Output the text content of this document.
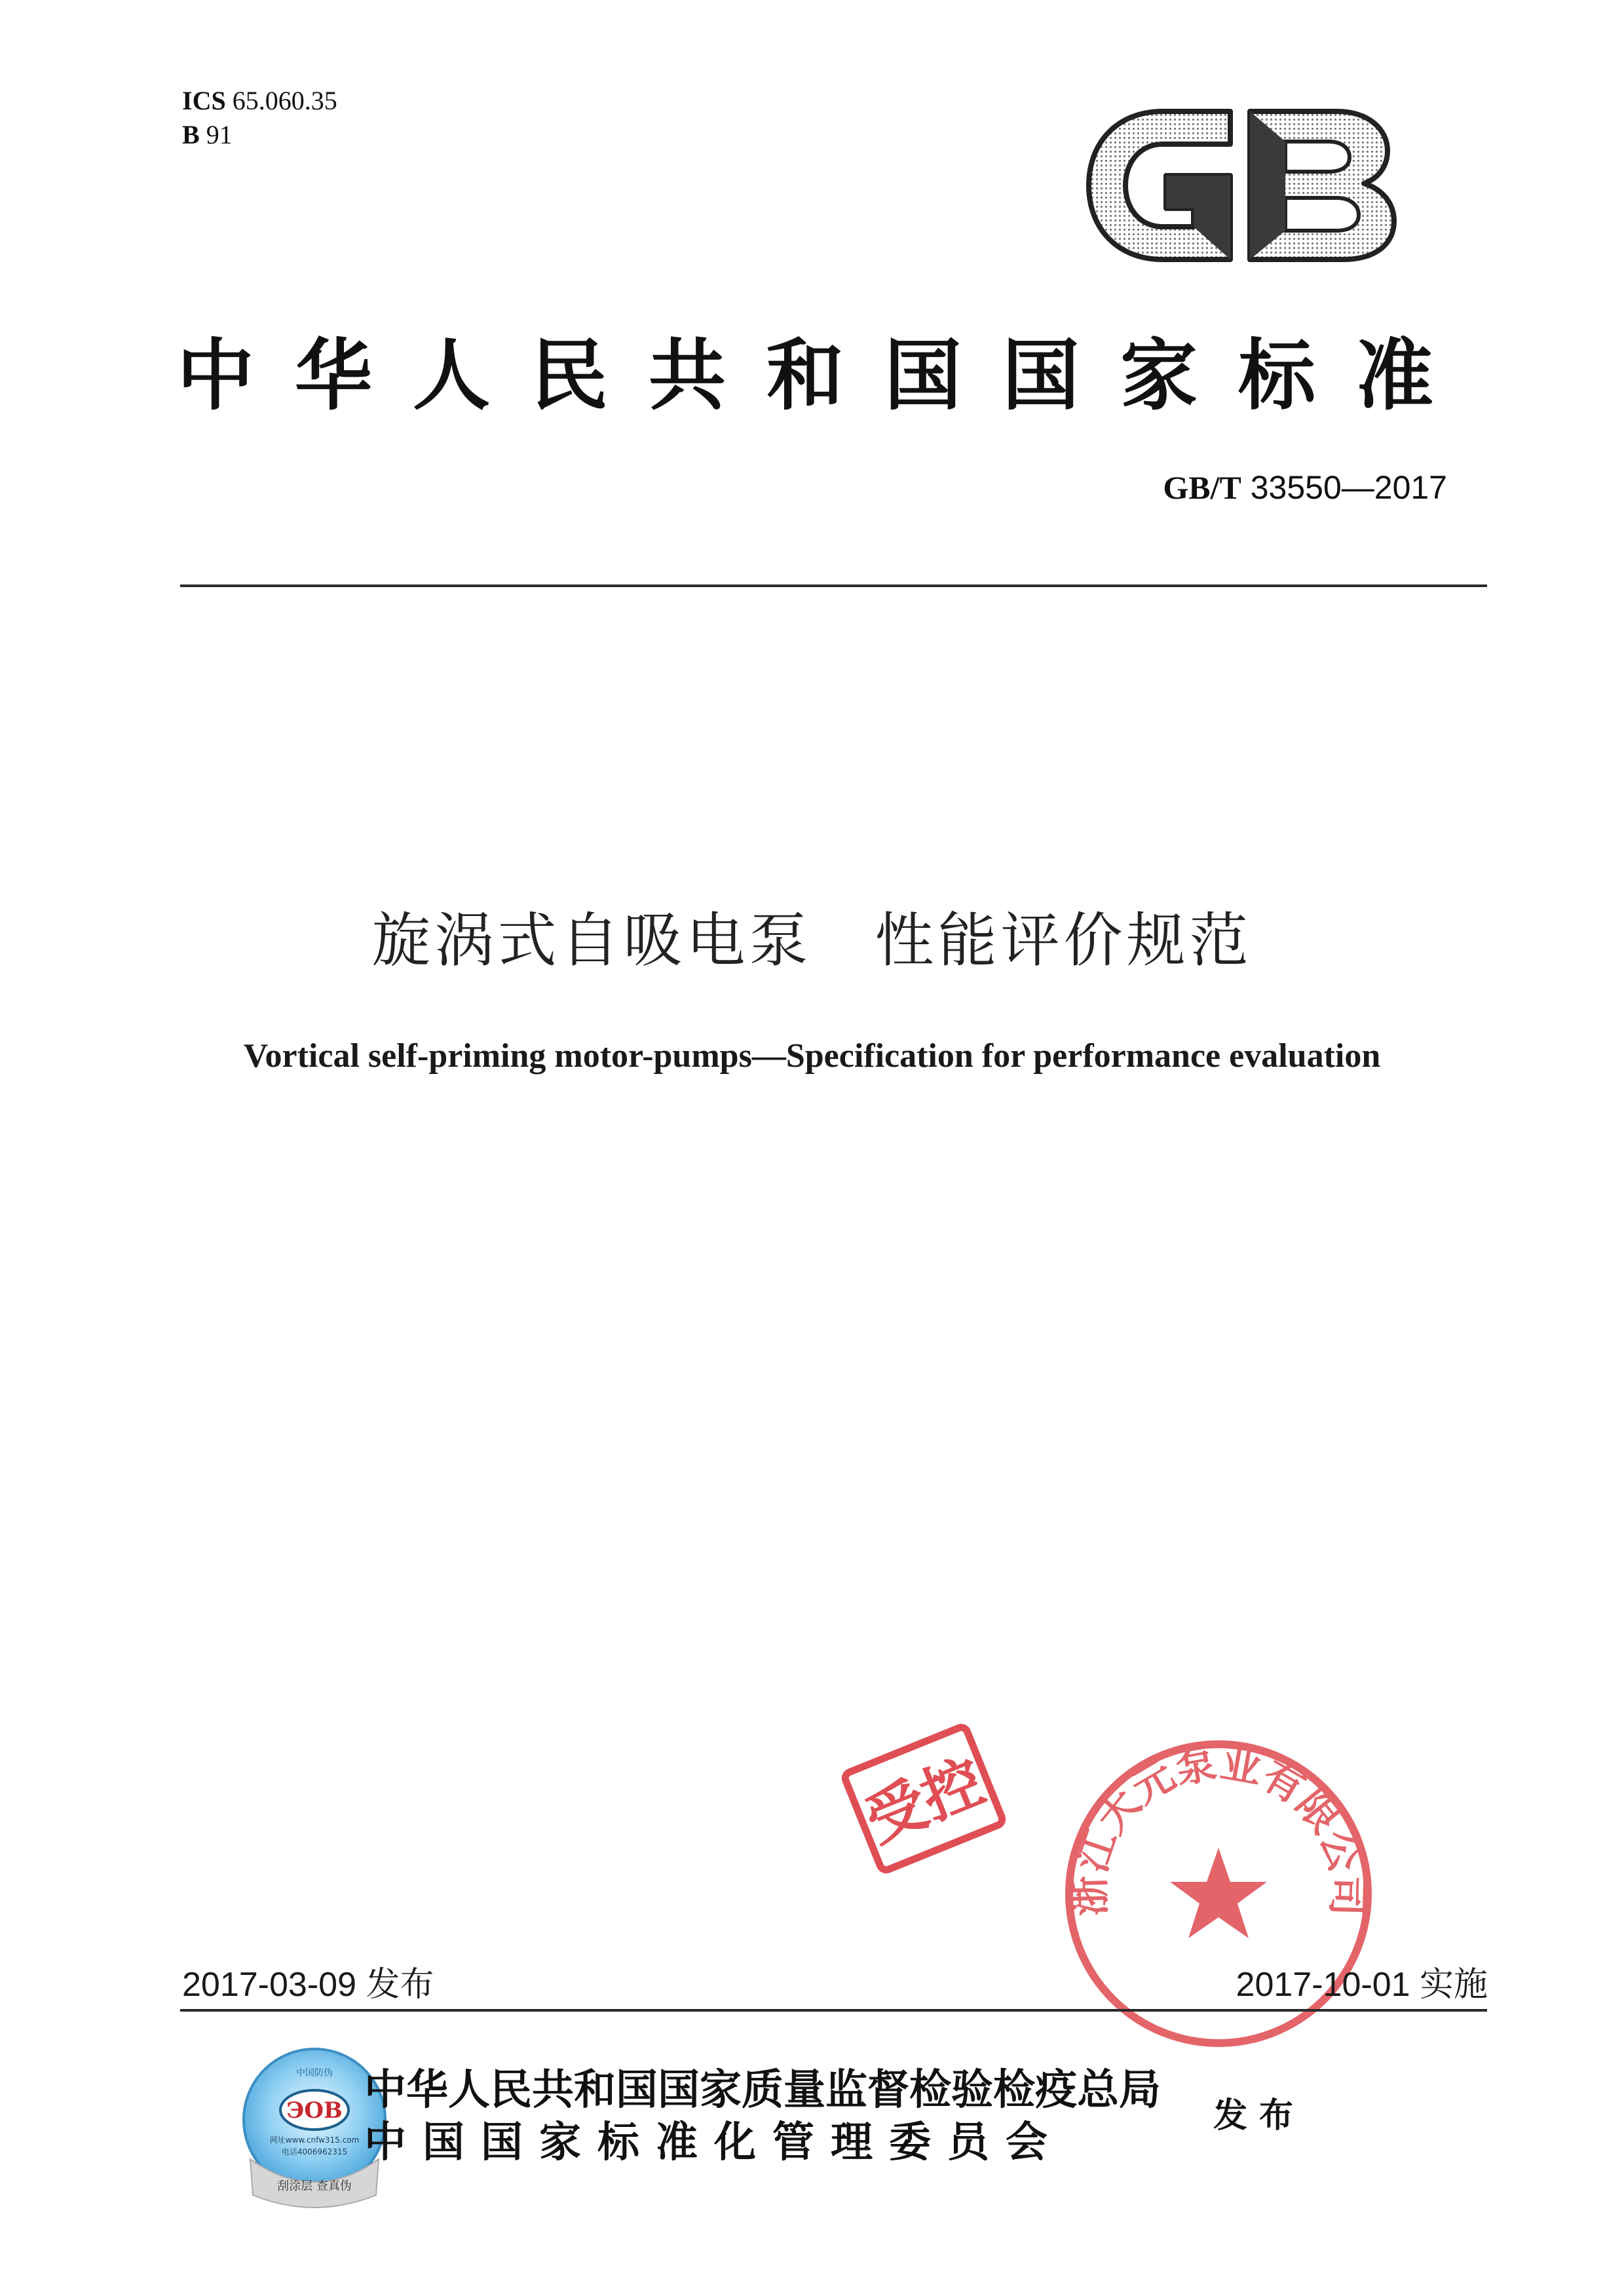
ICS 65.060.35
B 91
中华人民共和国国家标准
GB/T 33550—2017
旋涡式自吸电泵　性能评价规范
Vortical self-priming motor-pumps—Specification for performance evaluation
受控
浙江大元泵业有限公司
2017-03-09 发布	2017-10-01 实施
中国防伪
ЭOB
网址www.cnfw315.com
电话4006962315
刮涂层 查真伪
中华人民共和国国家质量监督检验检疫总局
中国国家标准化管理委员会
发布
